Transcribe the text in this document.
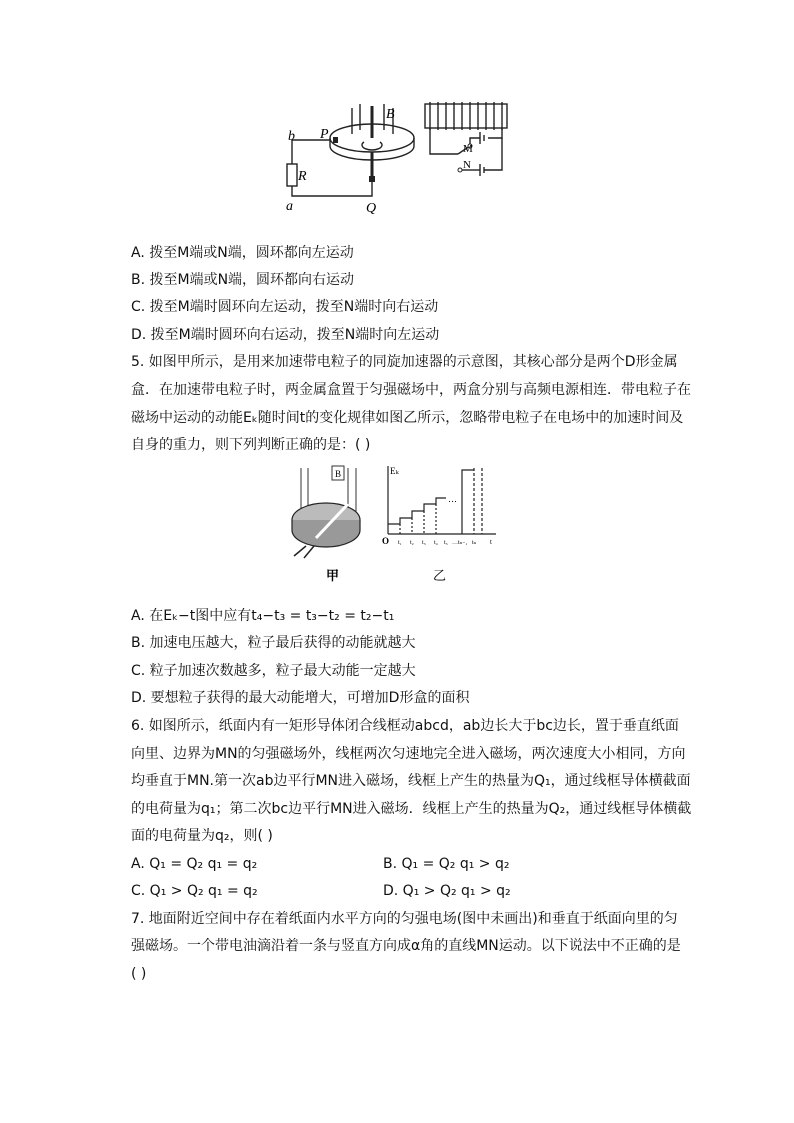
b P
B
R
a	Q
M
N
A. 拨至M端或N端，圆环都向左运动
B. 拨至M端或N端，圆环都向右运动
C. 拨至M端时圆环向左运动，拨至N端时向右运动
D. 拨至M端时圆环向右运动，拨至N端时向左运动
5. 如图甲所示，是用来加速带电粒子的同旋加速器的示意图，其核心部分是两个D形金属
盒．在加速带电粒子时，两金属盒置于匀强磁场中，两盒分别与高频电源相连．带电粒子在
磁场中运动的动能Eₖ随时间t的变化规律如图乙所示，忽略带电粒子在电场中的加速时间及
自身的重力，则下列判断正确的是：( )
B
甲
Eₖ
O t₁ t₂ t₃ t₄ t₅ … tₙ₋₁ tₙ t
…
乙
A. 在Eₖ−t图中应有t₄−t₃ = t₃−t₂ = t₂−t₁
B. 加速电压越大，粒子最后获得的动能就越大
C. 粒子加速次数越多，粒子最大动能一定越大
D. 要想粒子获得的最大动能增大，可增加D形盒的面积
6. 如图所示，纸面内有一矩形导体闭合线框动abcd，ab边长大于bc边长，置于垂直纸面
向里、边界为MN的匀强磁场外，线框两次匀速地完全进入磁场，两次速度大小相同，方向
均垂直于MN.第一次ab边平行MN进入磁场，线框上产生的热量为Q₁，通过线框导体横截面
的电荷量为q₁；第二次bc边平行MN进入磁场．线框上产生的热量为Q₂，通过线框导体横截
面的电荷量为q₂，则( )
A. Q₁ = Q₂ q₁ = q₂	B. Q₁ = Q₂ q₁ > q₂
C. Q₁ > Q₂ q₁ = q₂	D. Q₁ > Q₂ q₁ > q₂
7. 地面附近空间中存在着纸面内水平方向的匀强电场(图中未画出)和垂直于纸面向里的匀
强磁场。一个带电油滴沿着一条与竖直方向成α角的直线MN运动。以下说法中不正确的是
( )
